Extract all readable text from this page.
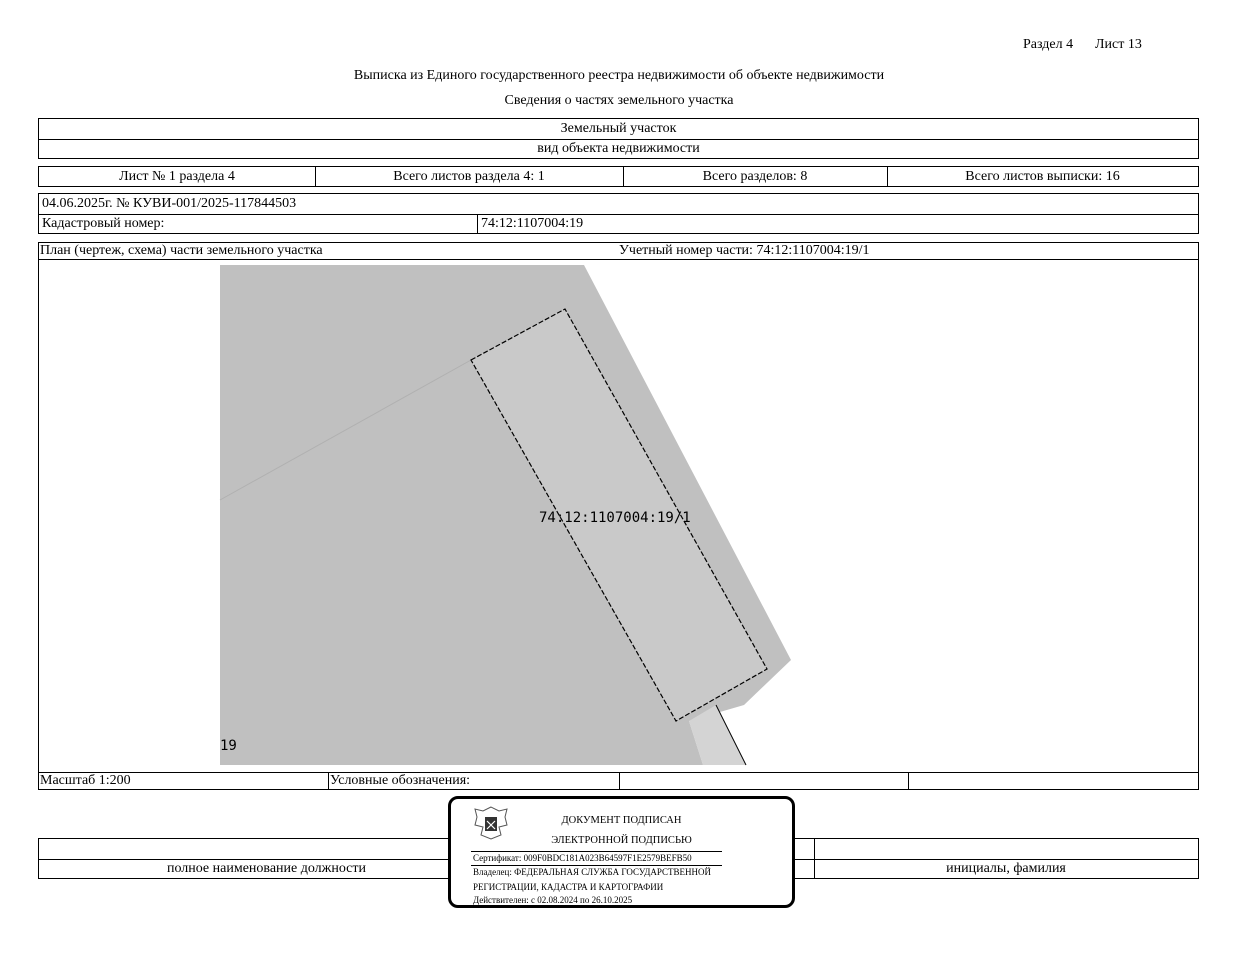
Раздел 4 Лист 13
Выписка из Единого государственного реестра недвижимости об объекте недвижимости
Сведения о частях земельного участка
Земельный участок
вид объекта недвижимости
Лист № 1 раздела 4	Всего листов раздела 4: 1	Всего разделов: 8	Всего листов выписки: 16
04.06.2025г. № КУВИ-001/2025-117844503
Кадастровый номер:	74:12:1107004:19
План (чертеж, схема) части земельного участка	Учетный номер части: 74:12:1107004:19/1
74:12:1107004:19/1
19
Масштаб 1:200	Условные обозначения:
полное наименование должности	инициалы, фамилия
ДОКУМЕНТ ПОДПИСАН
ЭЛЕКТРОННОЙ ПОДПИСЬЮ
Сертификат: 009F0BDC181A023B64597F1E2579BEFB50
Владелец: ФЕДЕРАЛЬНАЯ СЛУЖБА ГОСУДАРСТВЕННОЙ
РЕГИСТРАЦИИ, КАДАСТРА И КАРТОГРАФИИ
Действителен: с 02.08.2024 по 26.10.2025
